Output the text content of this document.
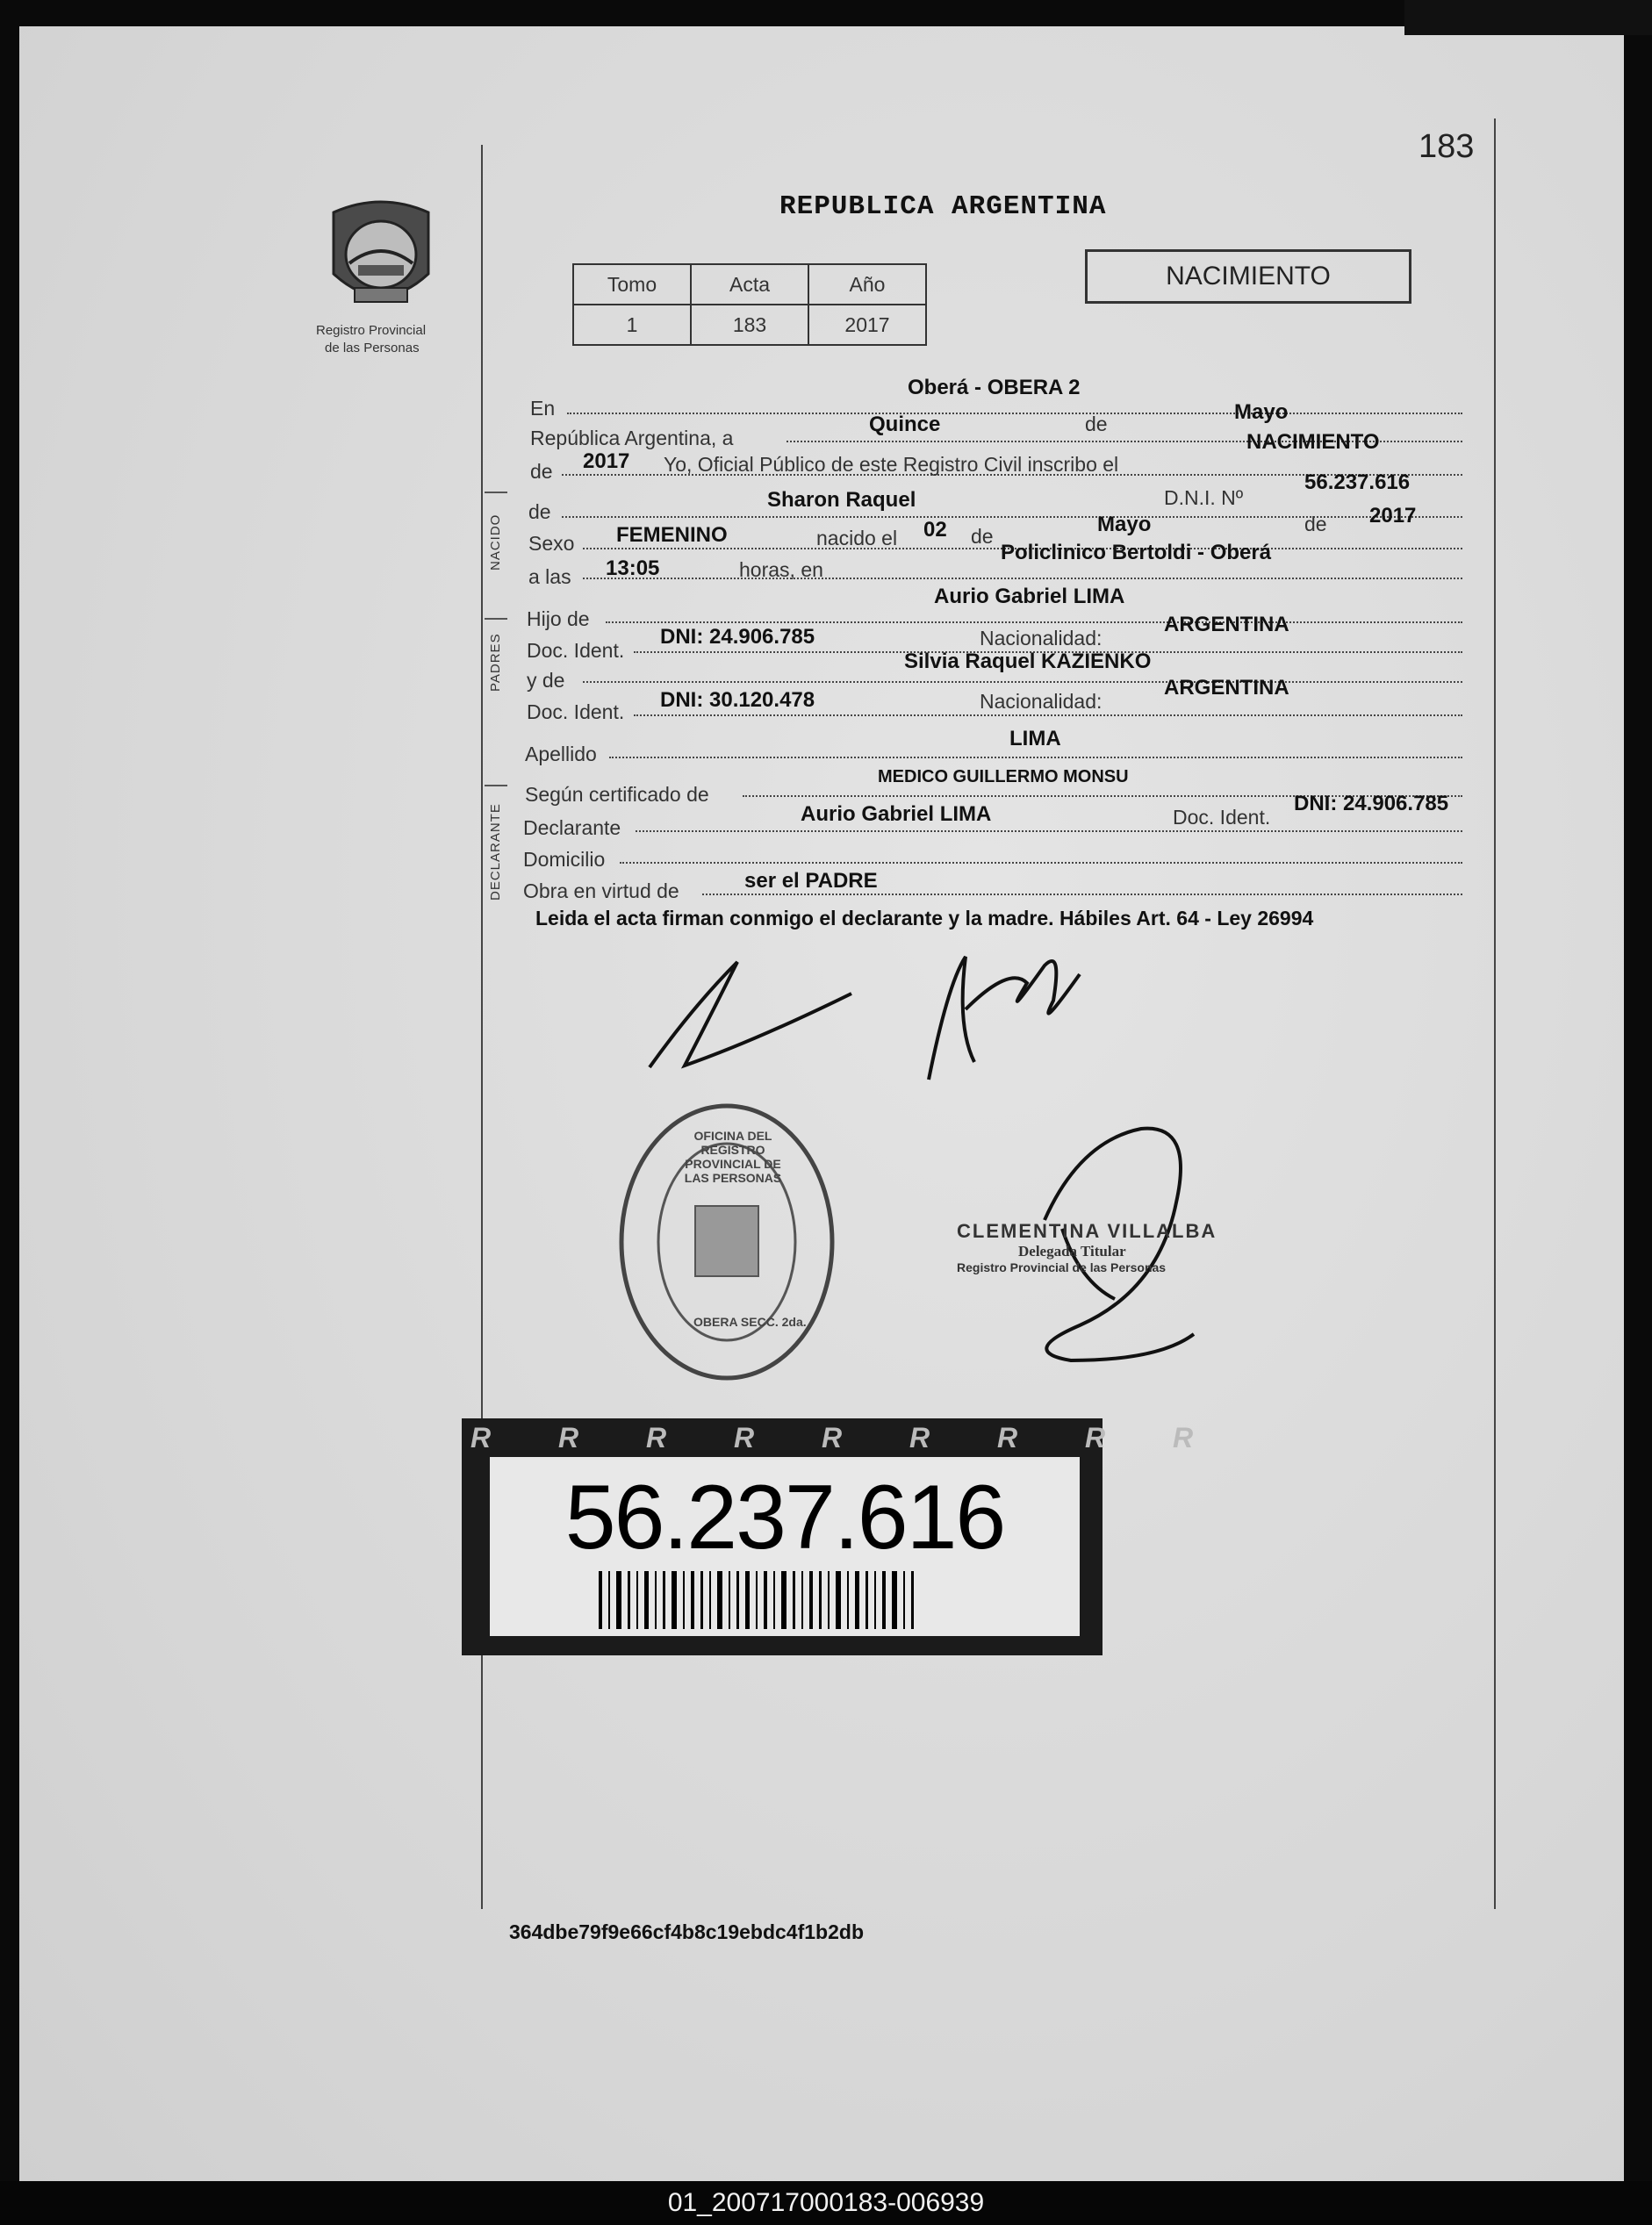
183
Registro Provincial
de las Personas
REPUBLICA ARGENTINA
Tomo	Acta	Año
1	183	2017
NACIMIENTO
NACIDO
PADRES
DECLARANTE
En
Oberá - OBERA 2
República Argentina, a
Quince	de	Mayo
de 2017 Yo, Oficial Público de este Registro Civil inscribo el
NACIMIENTO
de	Sharon Raquel	D.N.I. Nº
56.237.616
Sexo FEMENINO	nacido el 02 de	Mayo	de 2017
a las 13:05	horas, en
Policlinico Bertoldi - Oberá
Hijo de
Aurio Gabriel LIMA
Doc. Ident.
DNI: 24.906.785	Nacionalidad:
ARGENTINA
y de
Silvia Raquel KAZIENKO
Doc. Ident. DNI: 30.120.478	Nacionalidad:
ARGENTINA
Apellido
LIMA
Según certificado de
MEDICO GUILLERMO MONSU
Declarante
Aurio Gabriel LIMA	Doc. Ident.
DNI: 24.906.785
Domicilio
Obra en virtud de	ser el PADRE
Leida el acta firman conmigo el declarante y la madre. Hábiles Art. 64 - Ley 26994
OFICINA DEL REGISTRO PROVINCIAL DE LAS PERSONAS
OBERA SECC. 2da.
CLEMENTINA VILLALBA
Delegada Titular
Registro Provincial de las Personas
R R R R R R R R R
56.237.616
364dbe79f9e66cf4b8c19ebdc4f1b2db
01_200717000183-006939
